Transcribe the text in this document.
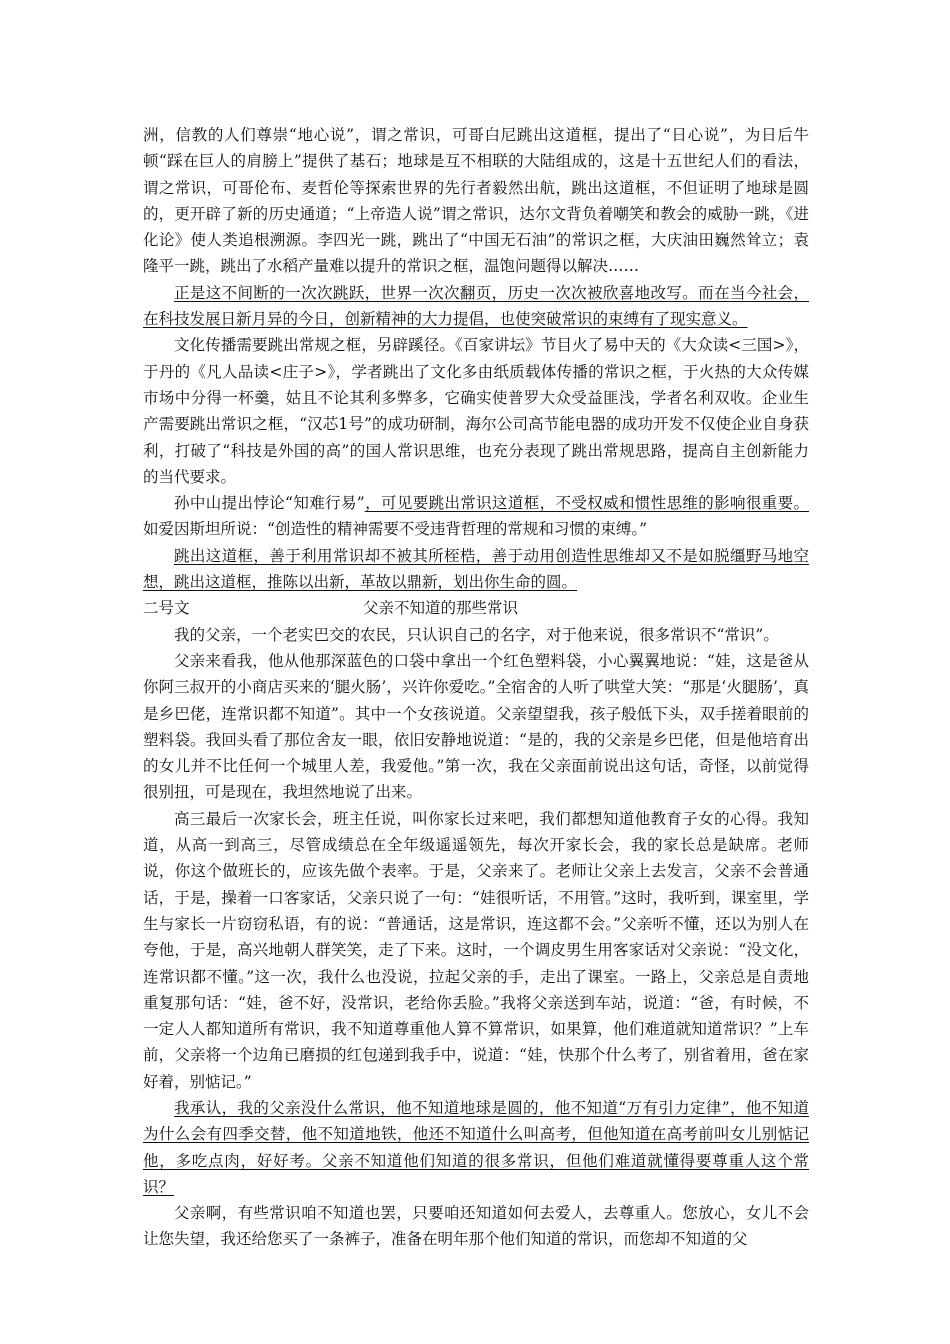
洲，信教的人们尊崇“地心说”，谓之常识，可哥白尼跳出这道框，提出了“日心说”，为日后牛顿“踩在巨人的肩膀上”提供了基石；地球是互不相联的大陆组成的，这是十五世纪人们的看法，谓之常识，可哥伦布、麦哲伦等探索世界的先行者毅然出航，跳出这道框，不但证明了地球是圆的，更开辟了新的历史通道；“上帝造人说”谓之常识，达尔文背负着嘲笑和教会的威胁一跳，《进化论》使人类追根溯源。李四光一跳，跳出了“中国无石油”的常识之框，大庆油田巍然耸立；袁隆平一跳，跳出了水稻产量难以提升的常识之框，温饱问题得以解决……

正是这不间断的一次次跳跃，世界一次次翻页，历史一次次被欣喜地改写。而在当今社会，在科技发展日新月异的今日，创新精神的大力提倡，也使突破常识的束缚有了现实意义。

文化传播需要跳出常规之框，另辟蹊径。《百家讲坛》节目火了易中天的《大众读<三国>》，于丹的《凡人品读<庄子>》，学者跳出了文化多由纸质载体传播的常识之框，于火热的大众传媒市场中分得一杯羹，姑且不论其利多弊多，它确实使普罗大众受益匪浅，学者名利双收。企业生产需要跳出常识之框，“汉芯1号”的成功研制，海尔公司高节能电器的成功开发不仅使企业自身获利，打破了“科技是外国的高”的国人常识思维，也充分表现了跳出常规思路，提高自主创新能力的当代要求。

孙中山提出悖论“知难行易”，可见要跳出常识这道框，不受权威和惯性思维的影响很重要。如爱因斯坦所说：“创造性的精神需要不受违背哲理的常规和习惯的束缚。”

跳出这道框，善于利用常识却不被其所桎梏，善于动用创造性思维却又不是如脱缰野马地空想，跳出这道框，推陈以出新，革故以鼎新，划出你生命的圆。

二号文	父亲不知道的那些常识

我的父亲，一个老实巴交的农民，只认识自己的名字，对于他来说，很多常识不“常识”。

父亲来看我，他从他那深蓝色的口袋中拿出一个红色塑料袋，小心翼翼地说：“娃，这是爸从你阿三叔开的小商店买来的‘腿火肠’，兴许你爱吃。”全宿舍的人听了哄堂大笑：“那是‘火腿肠’，真是乡巴佬，连常识都不知道”。其中一个女孩说道。父亲望望我，孩子般低下头，双手搓着眼前的塑料袋。我回头看了那位舍友一眼，依旧安静地说道：“是的，我的父亲是乡巴佬，但是他培育出的女儿并不比任何一个城里人差，我爱他。”第一次，我在父亲面前说出这句话，奇怪，以前觉得很别扭，可是现在，我坦然地说了出来。

高三最后一次家长会，班主任说，叫你家长过来吧，我们都想知道他教育子女的心得。我知道，从高一到高三，尽管成绩总在全年级遥遥领先，每次开家长会，我的家长总是缺席。老师说，你这个做班长的，应该先做个表率。于是，父亲来了。老师让父亲上去发言，父亲不会普通话，于是，操着一口客家话，父亲只说了一句：“娃很听话，不用管。”这时，我听到，课室里，学生与家长一片窃窃私语，有的说：“普通话，这是常识，连这都不会。”父亲听不懂，还以为别人在夸他，于是，高兴地朝人群笑笑，走了下来。这时，一个调皮男生用客家话对父亲说：“没文化，连常识都不懂。”这一次，我什么也没说，拉起父亲的手，走出了课室。一路上，父亲总是自责地重复那句话：“娃，爸不好，没常识，老给你丢脸。”我将父亲送到车站，说道：“爸，有时候，不一定人人都知道所有常识，我不知道尊重他人算不算常识，如果算，他们难道就知道常识？”上车前，父亲将一个边角已磨损的红包递到我手中，说道：“娃，快那个什么考了，别省着用，爸在家好着，别惦记。”

我承认，我的父亲没什么常识，他不知道地球是圆的，他不知道“万有引力定律”，他不知道为什么会有四季交替，他不知道地铁，他还不知道什么叫高考，但他知道在高考前叫女儿别惦记他，多吃点肉，好好考。父亲不知道他们知道的很多常识，但他们难道就懂得要尊重人这个常识？

父亲啊，有些常识咱不知道也罢，只要咱还知道如何去爱人，去尊重人。您放心，女儿不会让您失望，我还给您买了一条裤子，准备在明年那个他们知道的常识，而您却不知道的父
